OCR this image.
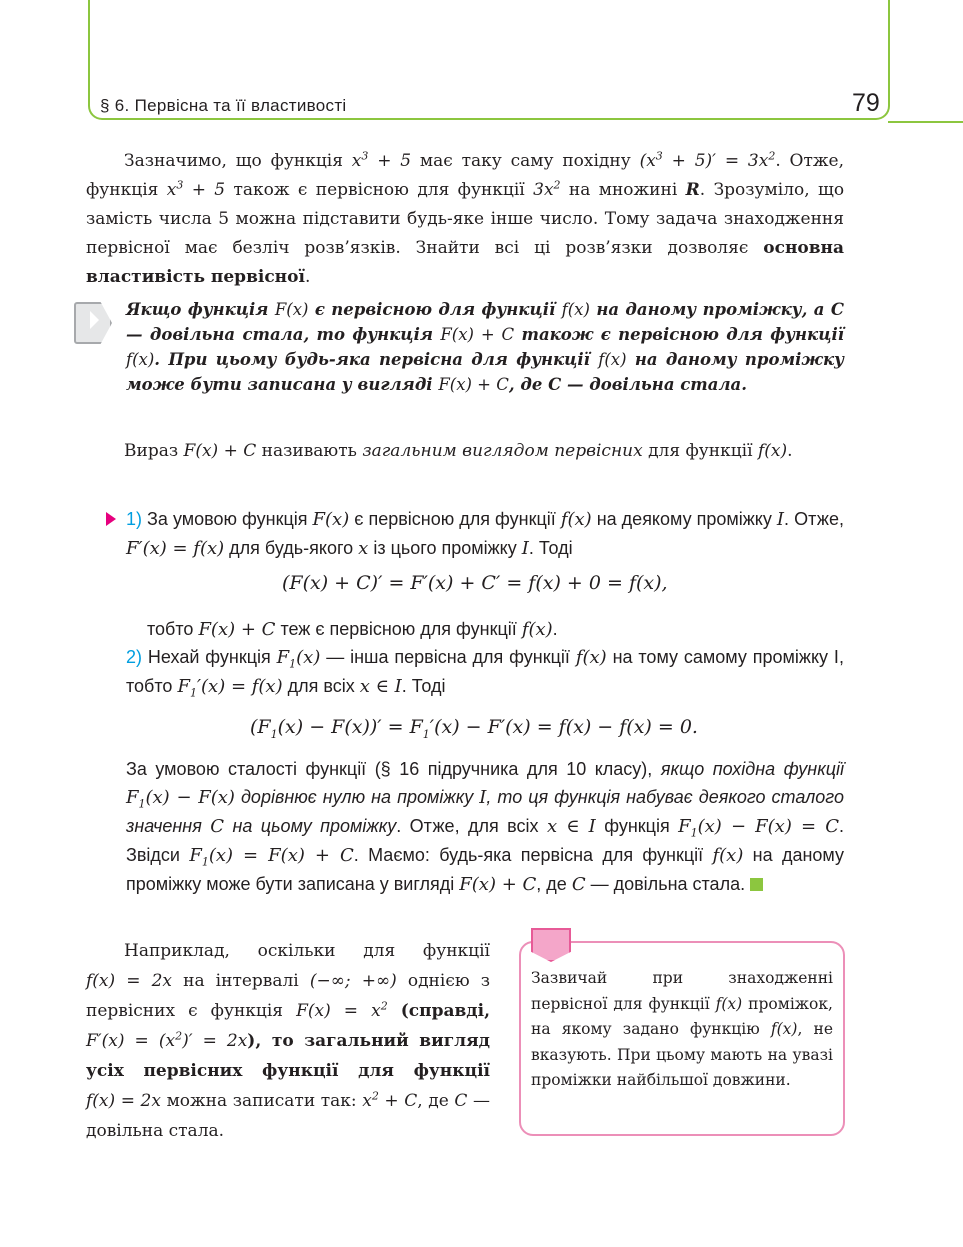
§ 6. Первісна та її властивості	79
Зазначимо, що функція $x^3 + 5$ має таку саму похідну $(x^3 + 5)' = 3x^2$. Отже, функція $x^3 + 5$ також є первісною для функції $3x^2$ на множині R. Зрозуміло, що замість числа 5 можна підставити будь-яке інше число. Тому задача знаходження первісної має безліч розв’язків. Знайти всі ці розв’язки дозволяє основна властивість первісної.
Якщо функція F(x) є первісною для функції f(x) на даному проміжку, а C — довільна стала, то функція F(x) + C також є первісною для функції f(x). При цьому будь-яка первісна для функції f(x) на даному проміжку може бути записана у вигляді F(x) + C, де C — довільна стала.
Вираз F(x) + C називають загальним виглядом первісних для функції f(x).
1) За умовою функція F(x) є первісною для функції f(x) на деякому проміжку I. Отже, F′(x) = f(x) для будь-якого x із цього проміжку I. Тоді
(F(x) + C)′ = F′(x) + C′ = f(x) + 0 = f(x),
тобто F(x) + C теж є первісною для функції f(x).
2) Нехай функція $F_1(x)$ — інша первісна для функції f(x) на тому самому проміжку I, тобто $F_1'(x) = f(x)$ для всіх x ∈ I. Тоді
$(F_1(x) - F(x))' = F_1'(x) - F'(x) = f(x) - f(x) = 0$.
За умовою сталості функції (§ 16 підручника для 10 класу), якщо похідна функції $F_1(x) - F(x)$ дорівнює нулю на проміжку I, то ця функція набуває деякого сталого значення C на цьому проміжку. Отже, для всіх x ∈ I функція $F_1(x) - F(x) = C$. Звідси $F_1(x) = F(x) + C$. Маємо: будь-яка первісна для функції f(x) на даному проміжку може бути записана у вигляді F(x) + C, де C — довільна стала.
Наприклад, оскільки для функції f(x) = 2x на інтервалі (−∞; +∞) однією з первісних є функція $F(x) = x^2$ (справді, $F'(x) = (x^2)' = 2x$), то загальний вигляд усіх первісних функції для функції f(x) = 2x можна записати так: $x^2 + C$, де C — довільна стала.
Зазвичай при знаходженні первісної для функції f(x) проміжок, на якому задано функцію f(x), не вказують. При цьому мають на увазі проміжки найбільшої довжини.
